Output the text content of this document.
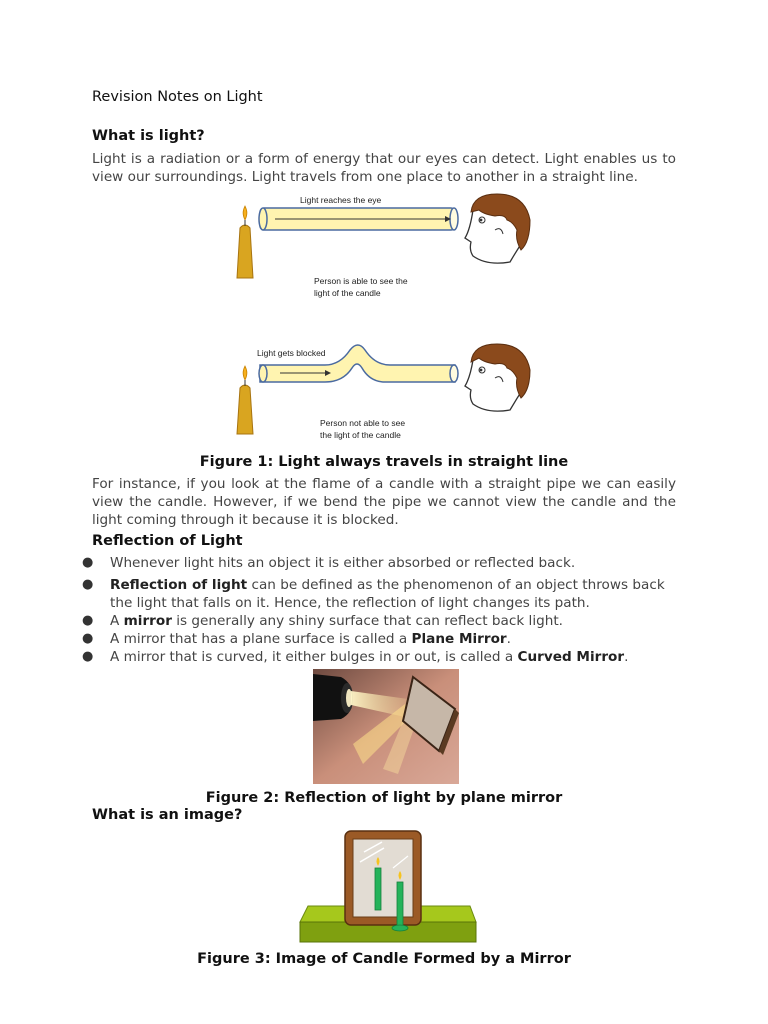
Revision Notes on Light
What is light?
Light is a radiation or a form of energy that our eyes can detect. Light enables us to view our surroundings. Light travels from one place to another in a straight line.
Light reaches the eye
Person is able to see the
light of the candle
Light gets blocked
Person not able to see
the light of the candle
Figure 1: Light always travels in straight line
For instance, if you look at the flame of a candle with a straight pipe we can easily view the candle. However, if we bend the pipe we cannot view the candle and the light coming through it because it is blocked.
Reflection of Light
● Whenever light hits an object it is either absorbed or reflected back.
● Reflection of light can be defined as the phenomenon of an object throws back the light that falls on it. Hence, the reflection of light changes its path.
● A mirror is generally any shiny surface that can reflect back light.
● A mirror that has a plane surface is called a Plane Mirror.
● A mirror that is curved, it either bulges in or out, is called a Curved Mirror.
Figure 2: Reflection of light by plane mirror
What is an image?
Figure 3: Image of Candle Formed by a Mirror
